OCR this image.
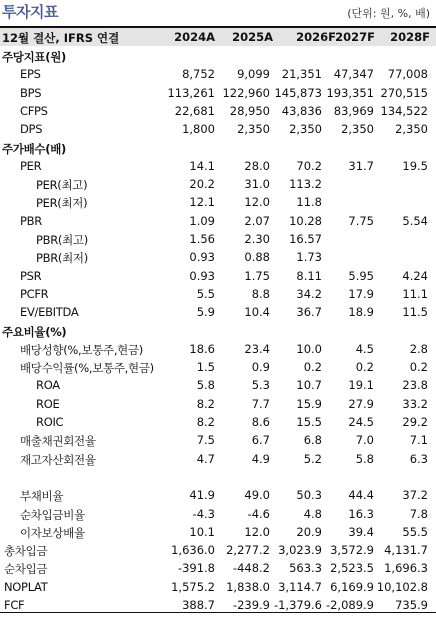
투자지표	(단위: 원, %, 배)
12월 결산, IFRS 연결	2024A	2025A	2026F 2027F	2028F
주당지표(원)
EPS	8,752	9,099	21,351	47,347	77,008
BPS	113,261 122,960 145,873 193,351 270,515
CFPS	22,681	28,950	43,836	83,969 134,522
DPS	1,800	2,350	2,350	2,350	2,350
주가배수(배)
PER	14.1	28.0	70.2	31.7	19.5
PER(최고)	20.2	31.0	113.2
PER(최저)	12.1	12.0	11.8
PBR	1.09	2.07	10.28	7.75	5.54
PBR(최고)	1.56	2.30	16.57
PBR(최저)	0.93	0.88	1.73
PSR	0.93	1.75	8.11	5.95	4.24
PCFR	5.5	8.8	34.2	17.9	11.1
EV/EBITDA	5.9	10.4	36.7	18.9	11.5
주요비율(%)
배당성향(%,보통주,현금)	18.6	23.4	10.0	4.5	2.8
배당수익률(%,보통주,현금)	1.5	0.9	0.2	0.2	0.2
ROA	5.8	5.3	10.7	19.1	23.8
ROE	8.2	7.7	15.9	27.9	33.2
ROIC	8.2	8.6	15.5	24.5	29.2
매출채권회전율	7.5	6.7	6.8	7.0	7.1
재고자산회전율	4.7	4.9	5.2	5.8	6.3
부채비율	41.9	49.0	50.3	44.4	37.2
순차입금비율	-4.3	-4.6	4.8	16.3	7.8
이자보상배율	10.1	12.0	20.9	39.4	55.5
총차입금	1,636.0 2,277.2 3,023.9 3,572.9 4,131.7
순차입금	-391.8	-448.2	563.3 2,523.5 1,696.3
NOPLAT	1,575.2 1,838.0 3,114.7 6,169.9 10,102.8
FCF	388.7	-239.9 -1,379.6 -2,089.9	735.9
